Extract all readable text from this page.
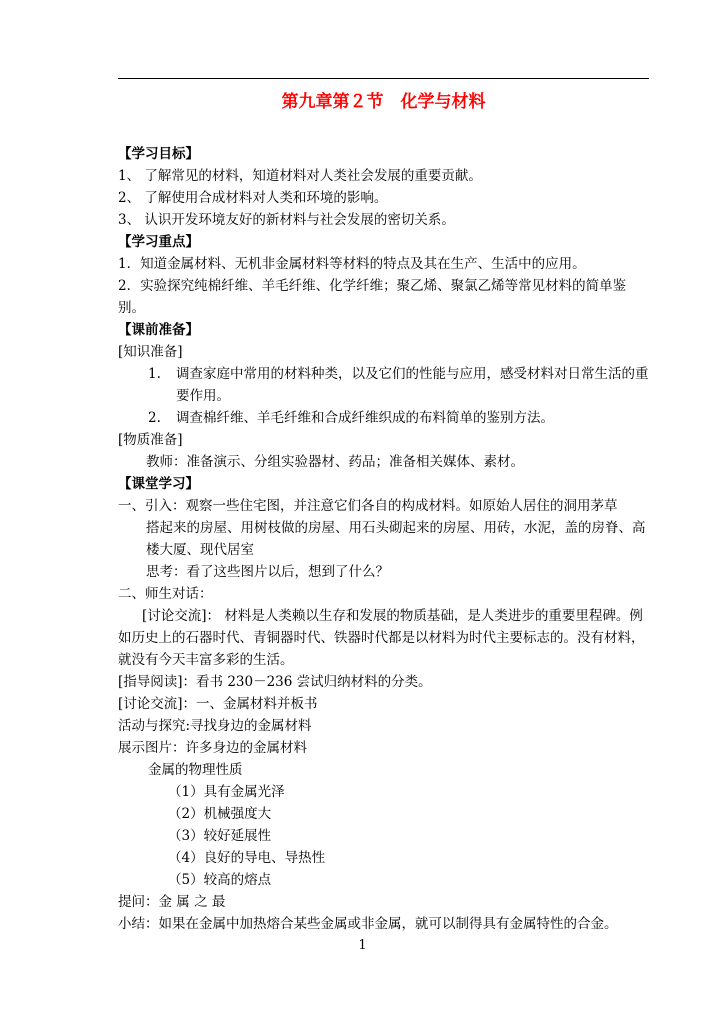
第九章第２节　化学与材料
【学习目标】
1、 了解常见的材料，知道材料对人类社会发展的重要贡献。
2、 了解使用合成材料对人类和环境的影响。
3、 认识开发环境友好的新材料与社会发展的密切关系。
【学习重点】
1．知道金属材料、无机非金属材料等材料的特点及其在生产、生活中的应用。
2．实验探究纯棉纤维、羊毛纤维、化学纤维；聚乙烯、聚氯乙烯等常见材料的简单鉴别。
【课前准备】
[知识准备]
1.	调查家庭中常用的材料种类，以及它们的性能与应用，感受材料对日常生活的重要作用。
2.	调查棉纤维、羊毛纤维和合成纤维织成的布料简单的鉴别方法。
[物质准备]
教师：准备演示、分组实验器材、药品；准备相关媒体、素材。
【课堂学习】
一、引入：观察一些住宅图，并注意它们各自的构成材料。如原始人居住的洞用茅草
搭起来的房屋、用树枝做的房屋、用石头砌起来的房屋、用砖，水泥，盖的房脊、高楼大厦、现代居室
思考：看了这些图片以后，想到了什么？
二、师生对话：
[讨论交流]： 材料是人类赖以生存和发展的物质基础，是人类进步的重要里程碑。例如历史上的石器时代、青铜器时代、铁器时代都是以材料为时代主要标志的。没有材料，就没有今天丰富多彩的生活。
[指导阅读]：看书 230－236 尝试归纳材料的分类。
[讨论交流]：一、金属材料并板书
活动与探究:寻找身边的金属材料
展示图片：许多身边的金属材料
金属的物理性质
（1）具有金属光泽
（2）机械强度大
（3）较好延展性
（4）良好的导电、导热性
（5）较高的熔点
提问：金 属 之 最
小结：如果在金属中加热熔合某些金属或非金属，就可以制得具有金属特性的合金。
1
